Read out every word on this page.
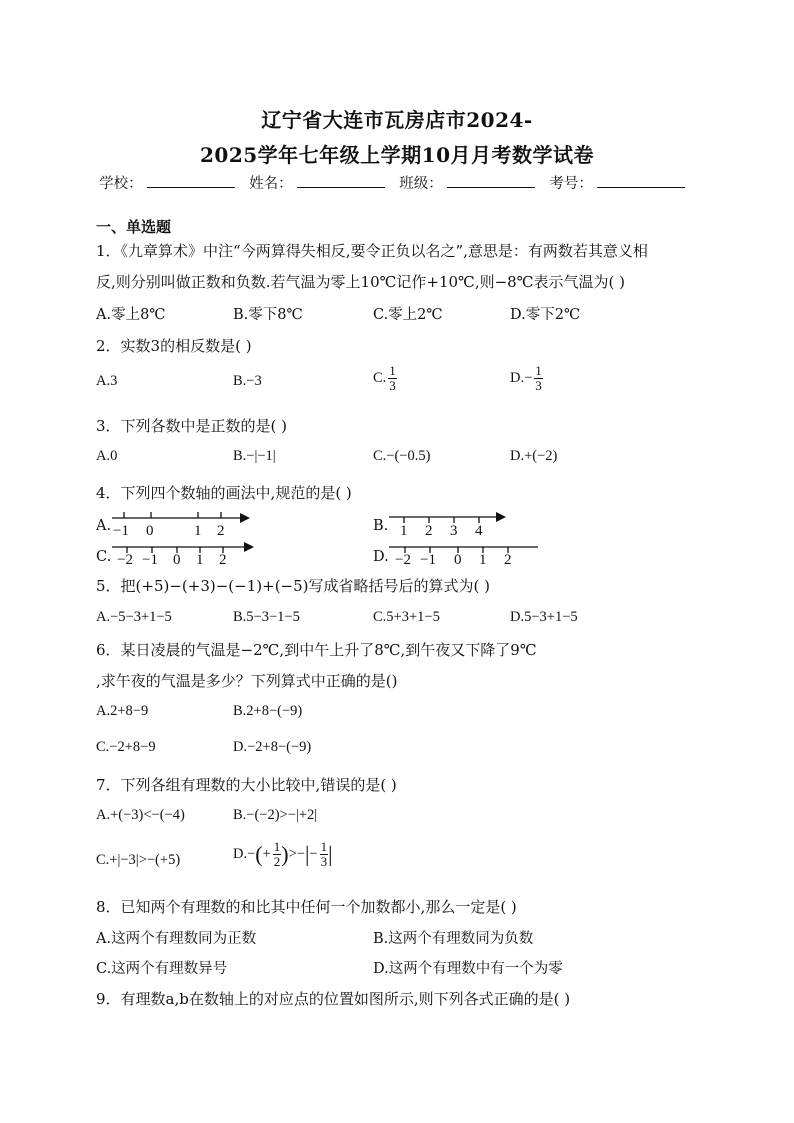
辽宁省大连市瓦房店市2024-
2025学年七年级上学期10月月考数学试卷
学校：	姓名：	班级：	考号：
一、单选题
1．《九章算术》中注“今两算得失相反,要令正负以名之”,意思是：有两数若其意义相
反,则分别叫做正数和负数.若气温为零上10℃记作+10℃,则−8℃表示气温为( )
A.零上8℃	B.零下8℃	C.零上2℃	D.零下2℃
2．实数3的相反数是( )
A.3	B.−3	C. $\frac{1}{3}$	$D.- \frac{1}{3}$
3．下列各数中是正数的是( )
A.0	B.−|−1|	C.−(−0.5)	D.+(−2)
4．下列四个数轴的画法中,规范的是( )
A. −1 0	1 2	B. 1 2 3 4
C. −2 −1 0 1 2	D. −2 −1 0 1 2
5．把(+5)−(+3)−(−1)+(−5)写成省略括号后的算式为( )
A.−5−3+1−5	B.5−3−1−5	C.5+3+1−5	D.5−3+1−5
6．某日凌晨的气温是−2℃,到中午上升了8℃,到午夜又下降了9℃
,求午夜的气温是多少？下列算式中正确的是()
A.2+8−9	B.2+8−(−9)
C.−2+8−9	D.−2+8−(−9)
7．下列各组有理数的大小比较中,错误的是( )
A.+(−3)<−(−4)	B.−(−2)>−|+2|
C.+|−3|>−(+5)	$D.-(+ \frac{1}{2}$ )>−|− $\frac{1}{3}$ |
8．已知两个有理数的和比其中任何一个加数都小,那么一定是( )
A.这两个有理数同为正数	B.这两个有理数同为负数
C.这两个有理数异号	D.这两个有理数中有一个为零
9．有理数a,b在数轴上的对应点的位置如图所示,则下列各式正确的是( )
